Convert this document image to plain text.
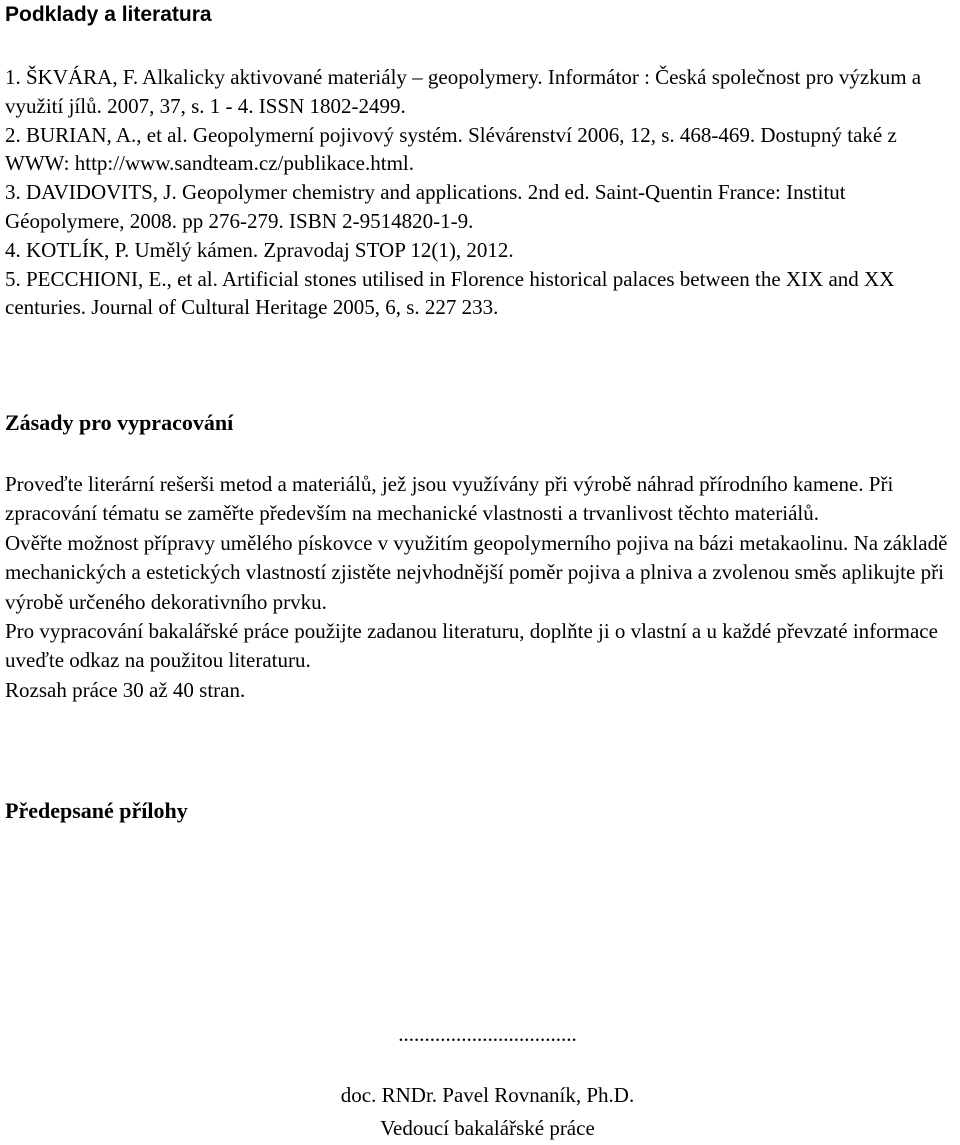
Podklady a literatura
1. ŠKVÁRA, F. Alkalicky aktivované materiály – geopolymery. Informátor : Česká společnost pro výzkum a využití jílů. 2007, 37, s. 1 - 4. ISSN 1802-2499.
2. BURIAN, A., et al. Geopolymerní pojivový systém. Slévárenství 2006, 12, s. 468-469. Dostupný také z WWW: http://www.sandteam.cz/publikace.html.
3. DAVIDOVITS, J. Geopolymer chemistry and applications. 2nd ed. Saint-Quentin France: Institut Géopolymere, 2008. pp 276-279. ISBN 2-9514820-1-9.
4. KOTLÍK, P. Umělý kámen. Zpravodaj STOP 12(1), 2012.
5. PECCHIONI, E., et al. Artificial stones utilised in Florence historical palaces between the XIX and XX centuries. Journal of Cultural Heritage 2005, 6, s. 227 233.
Zásady pro vypracování

Proveďte literární rešerši metod a materiálů, jež jsou využívány při výrobě náhrad přírodního kamene. Při zpracování tématu se zaměřte především na mechanické vlastnosti a trvanlivost těchto materiálů.

Ověřte možnost přípravy umělého pískovce v využitím geopolymerního pojiva na bázi metakaolinu. Na základě mechanických a estetických vlastností zjistěte nejvhodnější poměr pojiva a plniva a zvolenou směs aplikujte při výrobě určeného dekorativního prvku.

Pro vypracování bakalářské práce použijte zadanou literaturu, doplňte ji o vlastní a u každé převzaté informace uveďte odkaz na použitou literaturu.

Rozsah práce 30 až 40 stran.

Předepsané přílohy
..................................
doc. RNDr. Pavel Rovnaník, Ph.D.
Vedoucí bakalářské práce
